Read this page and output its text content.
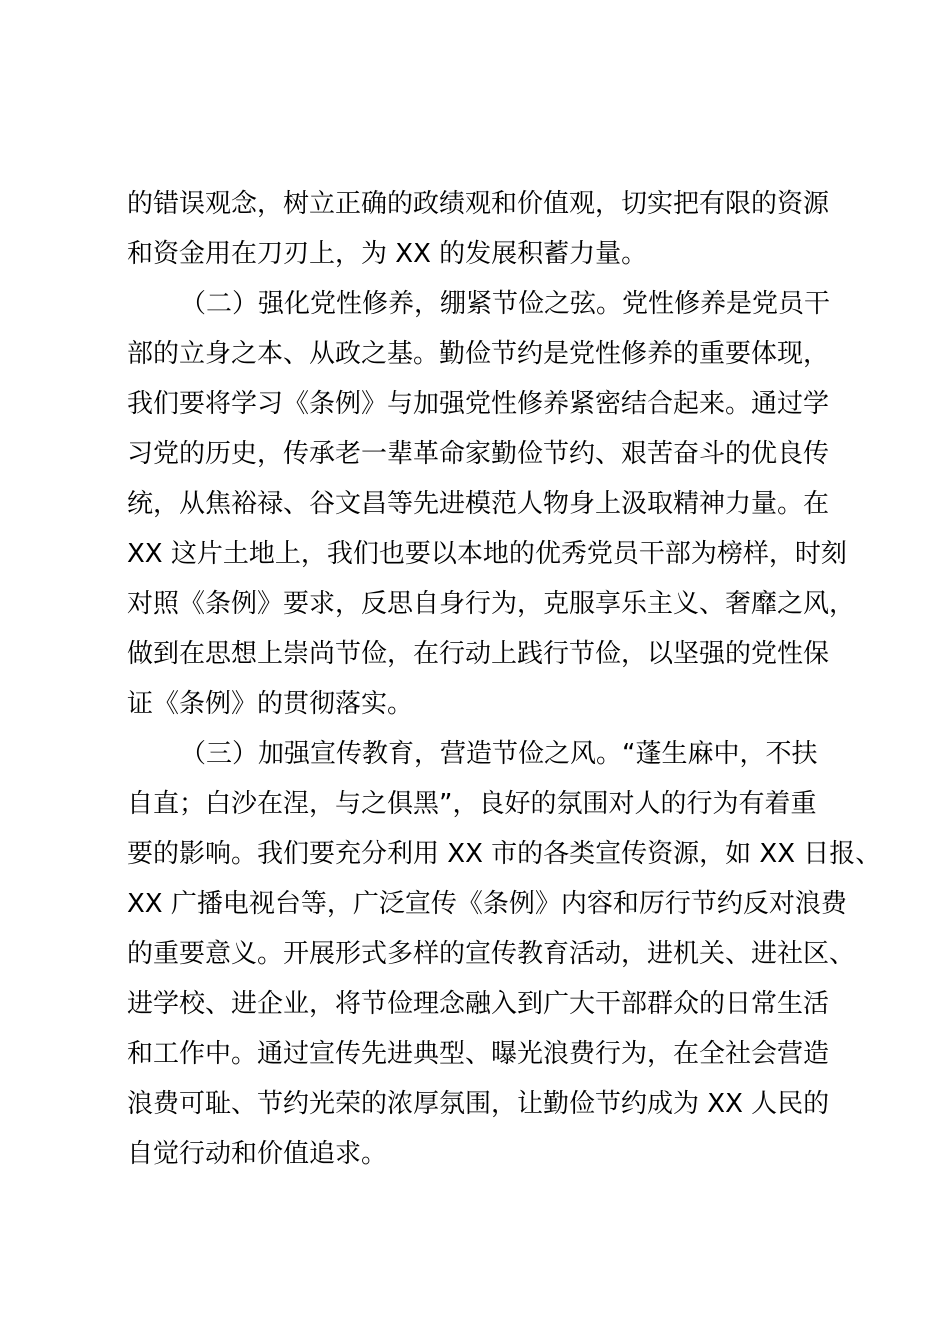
的错误观念，树立正确的政绩观和价值观，切实把有限的资源
和资金用在刀刃上，为 XX 的发展积蓄力量。
（二）强化党性修养，绷紧节俭之弦。党性修养是党员干
部的立身之本、从政之基。勤俭节约是党性修养的重要体现，
我们要将学习《条例》与加强党性修养紧密结合起来。通过学
习党的历史，传承老一辈革命家勤俭节约、艰苦奋斗的优良传
统，从焦裕禄、谷文昌等先进模范人物身上汲取精神力量。在
XX 这片土地上，我们也要以本地的优秀党员干部为榜样，时刻
对照《条例》要求，反思自身行为，克服享乐主义、奢靡之风，
做到在思想上崇尚节俭，在行动上践行节俭，以坚强的党性保
证《条例》的贯彻落实。
（三）加强宣传教育，营造节俭之风。“蓬生麻中，不扶
自直；白沙在涅，与之俱黑”，良好的氛围对人的行为有着重
要的影响。我们要充分利用 XX 市的各类宣传资源，如 XX 日报、
XX 广播电视台等，广泛宣传《条例》内容和厉行节约反对浪费
的重要意义。开展形式多样的宣传教育活动，进机关、进社区、
进学校、进企业，将节俭理念融入到广大干部群众的日常生活
和工作中。通过宣传先进典型、曝光浪费行为，在全社会营造
浪费可耻、节约光荣的浓厚氛围，让勤俭节约成为 XX 人民的
自觉行动和价值追求。
